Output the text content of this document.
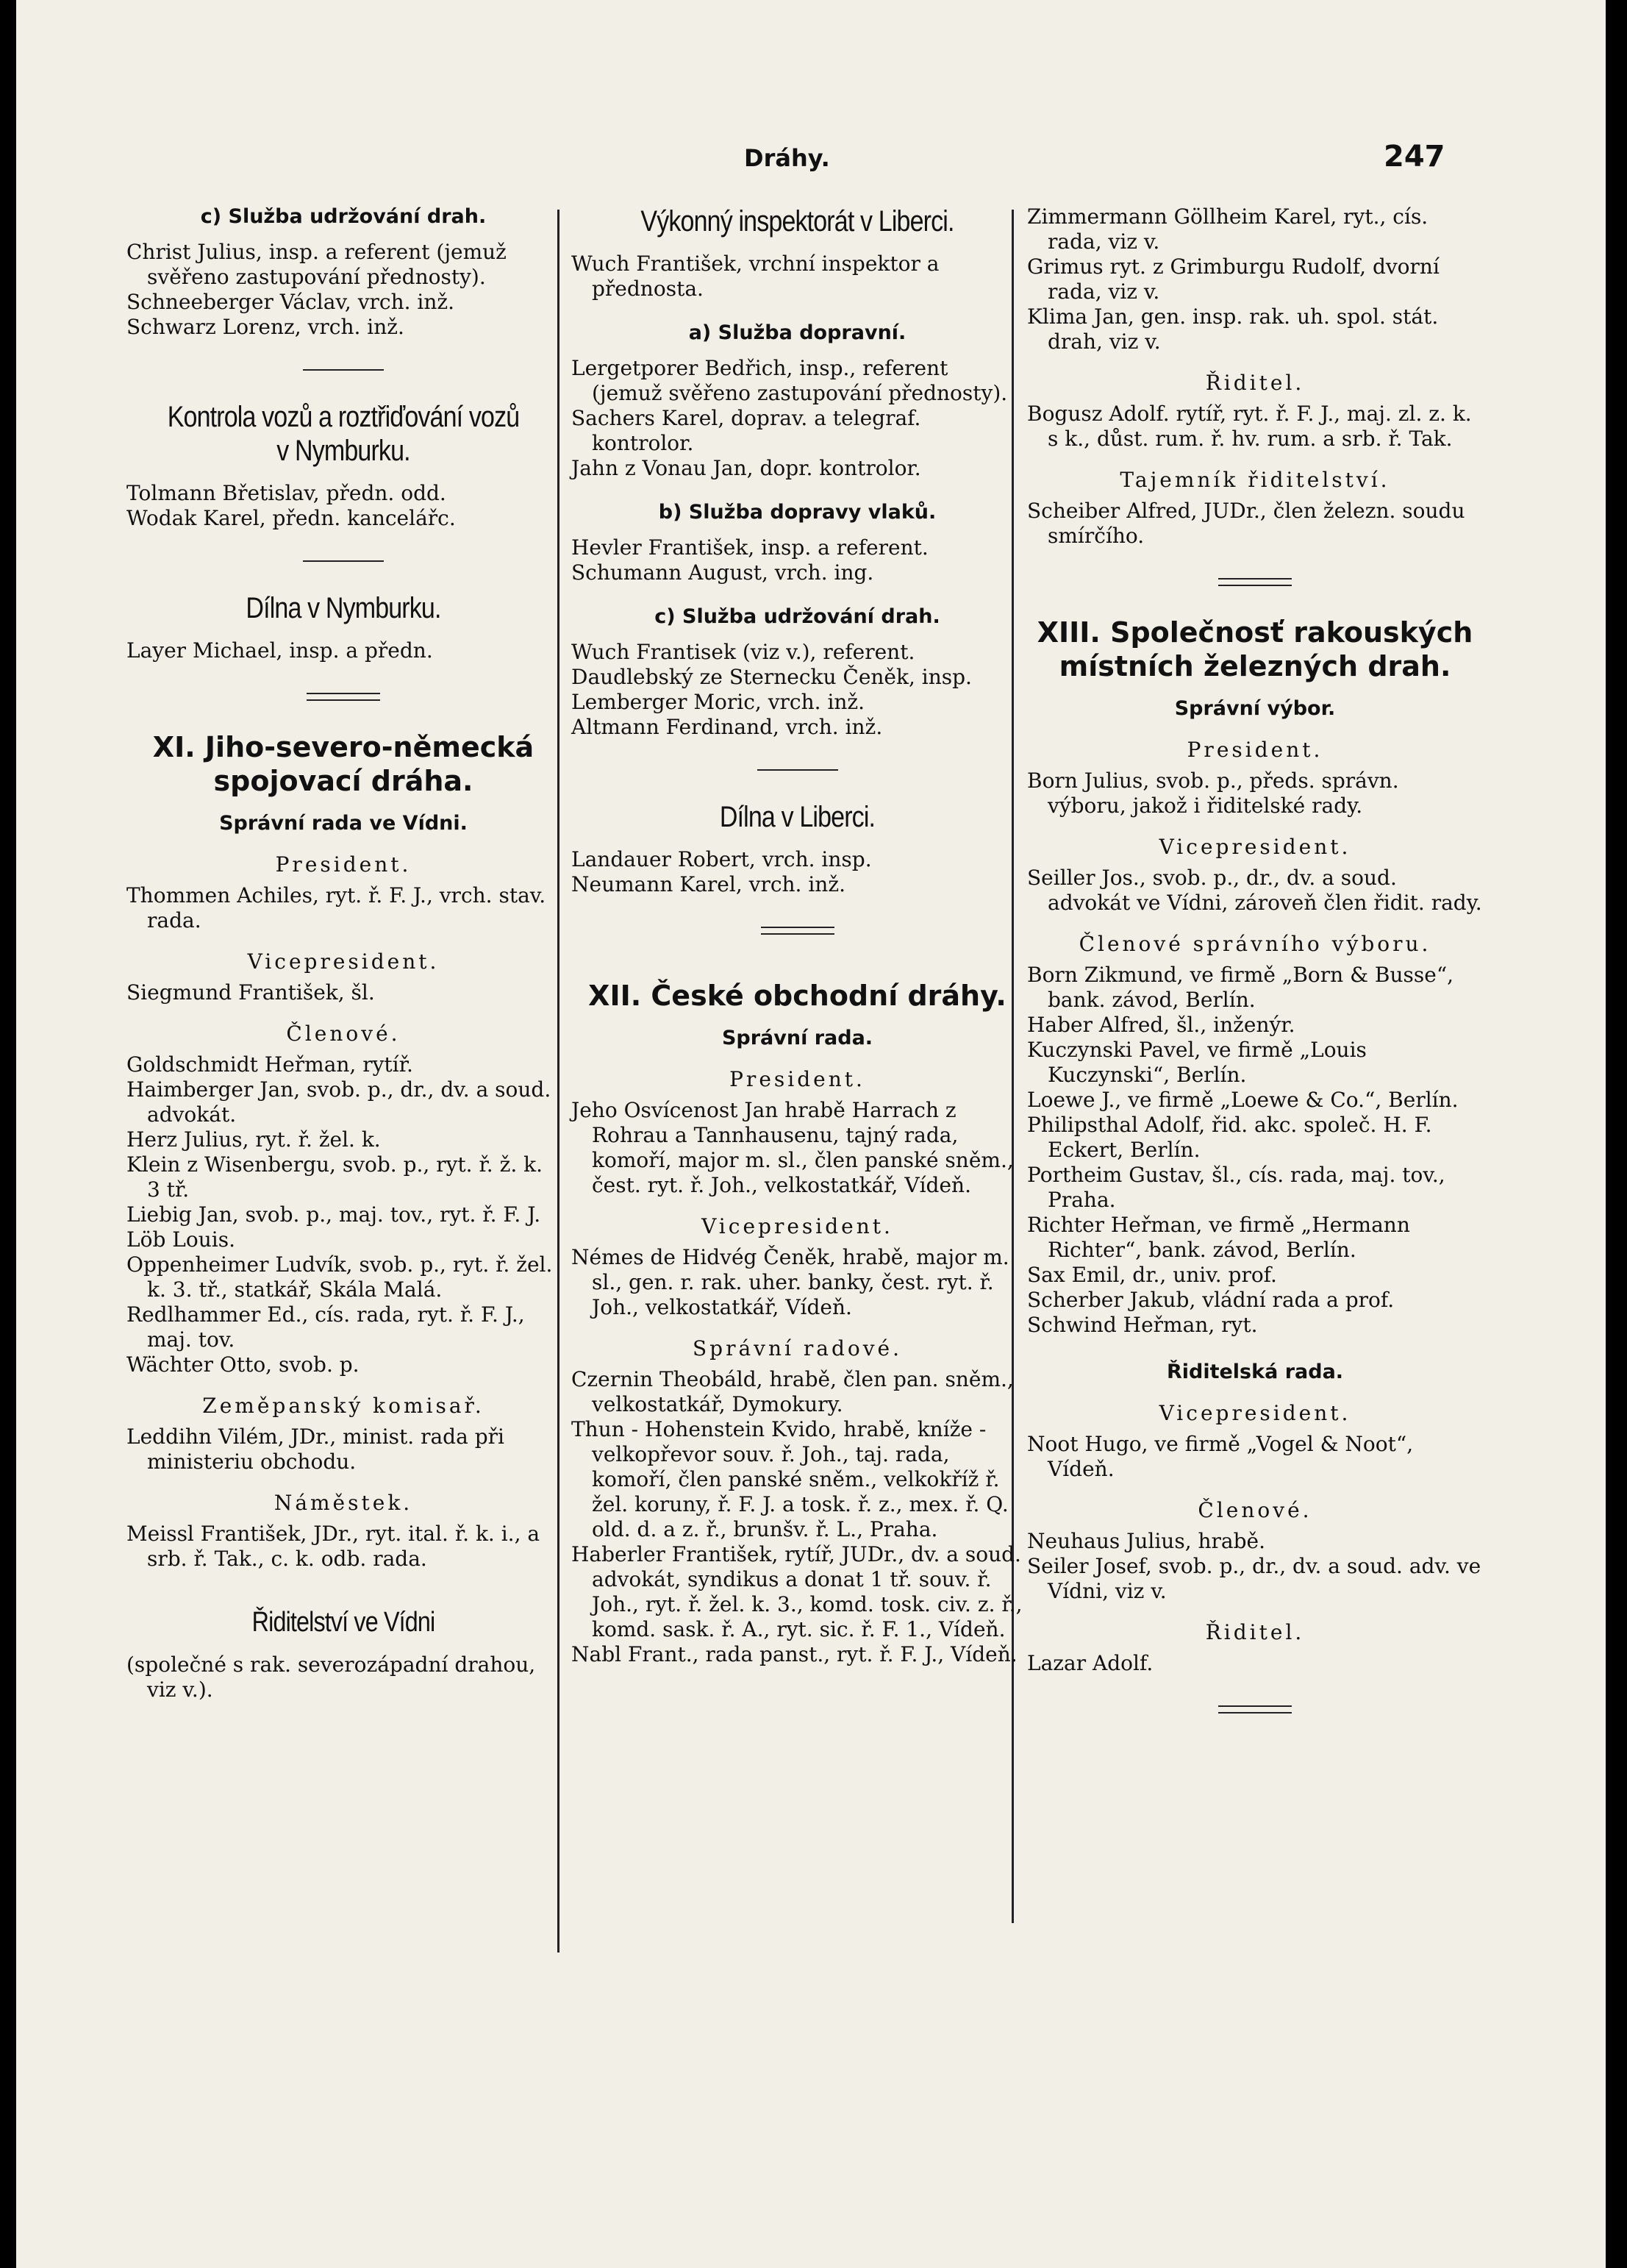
Dráhy.	247
c) Služba udržování drah.

Christ Julius, insp. a referent (jemuž svěřeno zastupování přednosty).

Schneeberger Václav, vrch. inž.

Schwarz Lorenz, vrch. inž.

Kontrola vozů a roztřiďování vozů v Nymburku.

Tolmann Břetislav, předn. odd.

Wodak Karel, předn. kancelářc.

Dílna v Nymburku.

Layer Michael, insp. a předn.

XI. Jiho-severo-německá spojovací dráha.
Správní rada ve Vídni.
President.

Thommen Achiles, ryt. ř. F. J., vrch. stav. rada.

Vicepresident.

Siegmund František, šl.

Členové.

Goldschmidt Heřman, rytíř.

Haimberger Jan, svob. p., dr., dv. a soud. advokát.

Herz Julius, ryt. ř. žel. k.

Klein z Wisenbergu, svob. p., ryt. ř. ž. k. 3 tř.

Liebig Jan, svob. p., maj. tov., ryt. ř. F. J.

Löb Louis.

Oppenheimer Ludvík, svob. p., ryt. ř. žel. k. 3. tř., statkář, Skála Malá.

Redlhammer Ed., cís. rada, ryt. ř. F. J., maj. tov.

Wächter Otto, svob. p.

Zeměpanský komisař.

Leddihn Vilém, JDr., minist. rada při ministeriu obchodu.

Náměstek.

Meissl František, JDr., ryt. ital. ř. k. i., a srb. ř. Tak., c. k. odb. rada.

Řiditelství ve Vídni

(společné s rak. severozápadní drahou, viz v.).

Výkonný inspektorát v Liberci.

Wuch František, vrchní inspektor a přednosta.

a) Služba dopravní.

Lergetporer Bedřich, insp., referent (jemuž svěřeno zastupování přednosty).

Sachers Karel, doprav. a telegraf. kontrolor.

Jahn z Vonau Jan, dopr. kontrolor.

b) Služba dopravy vlaků.

Hevler František, insp. a referent.

Schumann August, vrch. ing.

c) Služba udržování drah.

Wuch Frantisek (viz v.), referent.

Daudlebský ze Sternecku Čeněk, insp.

Lemberger Moric, vrch. inž.

Altmann Ferdinand, vrch. inž.

Dílna v Liberci.

Landauer Robert, vrch. insp.

Neumann Karel, vrch. inž.

XII. České obchodní dráhy.
Správní rada.
President.

Jeho Osvícenost Jan hrabě Harrach z Rohrau a Tannhausenu, tajný rada, komoří, major m. sl., člen panské sněm., čest. ryt. ř. Joh., velkostatkář, Vídeň.

Vicepresident.

Némes de Hidvég Čeněk, hrabě, major m. sl., gen. r. rak. uher. banky, čest. ryt. ř. Joh., velkostatkář, Vídeň.

Správní radové.

Czernin Theobáld, hrabě, člen pan. sněm., velkostatkář, Dymokury.

Thun - Hohenstein Kvido, hrabě, kníže - velkopřevor souv. ř. Joh., taj. rada, komoří, člen panské sněm., velkokříž ř. žel. koruny, ř. F. J. a tosk. ř. z., mex. ř. Q. old. d. a z. ř., brunšv. ř. L., Praha.

Haberler František, rytíř, JUDr., dv. a soud. advokát, syndikus a donat 1 tř. souv. ř. Joh., ryt. ř. žel. k. 3., komd. tosk. civ. z. ř., komd. sask. ř. A., ryt. sic. ř. F. 1., Vídeň.

Nabl Frant., rada panst., ryt. ř. F. J., Vídeň.

Zimmermann Göllheim Karel, ryt., cís. rada, viz v.

Grimus ryt. z Grimburgu Rudolf, dvorní rada, viz v.

Klima Jan, gen. insp. rak. uh. spol. stát. drah, viz v.

Řiditel.

Bogusz Adolf. rytíř, ryt. ř. F. J., maj. zl. z. k. s k., důst. rum. ř. hv. rum. a srb. ř. Tak.

Tajemník řiditelství.

Scheiber Alfred, JUDr., člen železn. soudu smírčího.

XIII. Společnosť rakouských místních železných drah.
Správní výbor.
President.

Born Julius, svob. p., předs. správn. výboru, jakož i řiditelské rady.

Vicepresident.

Seiller Jos., svob. p., dr., dv. a soud. advokát ve Vídni, zároveň člen řidit. rady.

Členové správního výboru.

Born Zikmund, ve firmě „Born & Busse“, bank. závod, Berlín.

Haber Alfred, šl., inženýr.

Kuczynski Pavel, ve firmě „Louis Kuczynski“, Berlín.

Loewe J., ve firmě „Loewe & Co.“, Berlín.

Philipsthal Adolf, řid. akc. společ. H. F. Eckert, Berlín.

Portheim Gustav, šl., cís. rada, maj. tov., Praha.

Richter Heřman, ve firmě „Hermann Richter“, bank. závod, Berlín.

Sax Emil, dr., univ. prof.

Scherber Jakub, vládní rada a prof.

Schwind Heřman, ryt.

Řiditelská rada.
Vicepresident.

Noot Hugo, ve firmě „Vogel & Noot“, Vídeň.

Členové.

Neuhaus Julius, hrabě.

Seiler Josef, svob. p., dr., dv. a soud. adv. ve Vídni, viz v.

Řiditel.

Lazar Adolf.
